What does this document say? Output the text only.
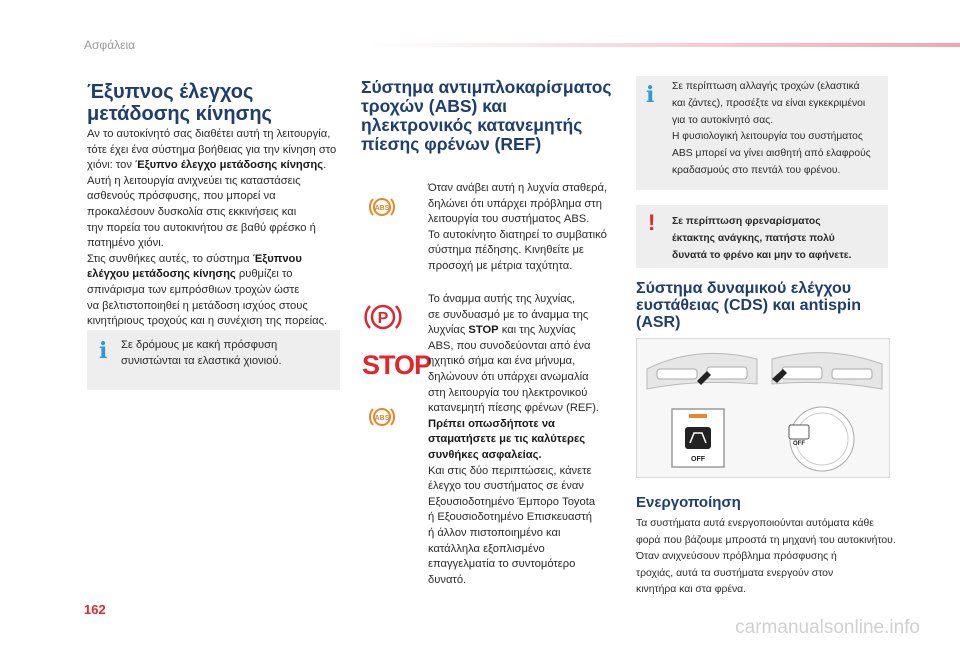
Ασφάλεια
Έξυπνος έλεγχος μετάδοσης κίνησης
Αν το αυτοκίνητό σας διαθέτει αυτή τη λειτουργία,
τότε έχει ένα σύστημα βοήθειας για την κίνηση στο
χιόνι: τον Έξυπνο έλεγχο μετάδοσης κίνησης.
Αυτή η λειτουργία ανιχνεύει τις καταστάσεις
ασθενούς πρόσφυσης, που μπορεί να
προκαλέσουν δυσκολία στις εκκινήσεις και
την πορεία του αυτοκινήτου σε βαθύ φρέσκο ή
πατημένο χιόνι.
Στις συνθήκες αυτές, το σύστημα Έξυπνου
ελέγχου μετάδοσης κίνησης ρυθμίζει το
σπινάρισμα των εμπρόσθιων τροχών ώστε
να βελτιστοποιηθεί η μετάδοση ισχύος στους
κινητήριους τροχούς και η συνέχιση της πορείας.
i Σε δρόμους με κακή πρόσφυση
συνιστώνται τα ελαστικά χιονιού.
Σύστημα αντιμπλοκαρίσματος
τροχών (ABS) και
ηλεκτρονικός κατανεμητής
πίεσης φρένων (REF)
ABS
Όταν ανάβει αυτή η λυχνία σταθερά,
δηλώνει ότι υπάρχει πρόβλημα στη
λειτουργία του συστήματος ABS.
Το αυτοκίνητο διατηρεί το συμβατικό
σύστημα πέδησης. Κινηθείτε με
προσοχή με μέτρια ταχύτητα.
P
STOP
ABS
Το άναμμα αυτής της λυχνίας,
σε συνδυασμό με το άναμμα της
λυχνίας STOP και της λυχνίας
ABS, που συνοδεύονται από ένα
ηχητικό σήμα και ένα μήνυμα,
δηλώνουν ότι υπάρχει ανωμαλία
στη λειτουργία του ηλεκτρονικού
κατανεμητή πίεσης φρένων (REF).
Πρέπει οπωσδήποτε να
σταματήσετε με τις καλύτερες
συνθήκες ασφαλείας.
Και στις δύο περιπτώσεις, κάνετε
έλεγχο του συστήματος σε έναν
Εξουσιοδοτημένο Έμπορο Toyota
ή Εξουσιοδοτημένο Επισκευαστή
ή άλλον πιστοποιημένο και
κατάλληλα εξοπλισμένο
επαγγελματία το συντομότερο
δυνατό.
i Σε περίπτωση αλλαγής τροχών (ελαστικά
και ζάντες), προσέξτε να είναι εγκεκριμένοι
για το αυτοκίνητό σας.
Η φυσιολογική λειτουργία του συστήματος
ABS μπορεί να γίνει αισθητή από ελαφρούς
κραδασμούς στο πεντάλ του φρένου.
! Σε περίπτωση φρεναρίσματος
έκτακτης ανάγκης, πατήστε πολύ
δυνατά το φρένο και μην το αφήνετε.
Σύστημα δυναμικού ελέγχου
ευστάθειας (CDS) και antispin
(ASR)
OFF
OFF
Ενεργοποίηση
Τα συστήματα αυτά ενεργοποιούνται αυτόματα κάθε
φορά που βάζουμε μπροστά τη μηχανή του αυτοκινήτου.
Όταν ανιχνεύσουν πρόβλημα πρόσφυσης ή
τροχιάς, αυτά τα συστήματα ενεργούν στον
κινητήρα και στα φρένα.
162
carmanualsonline.info
